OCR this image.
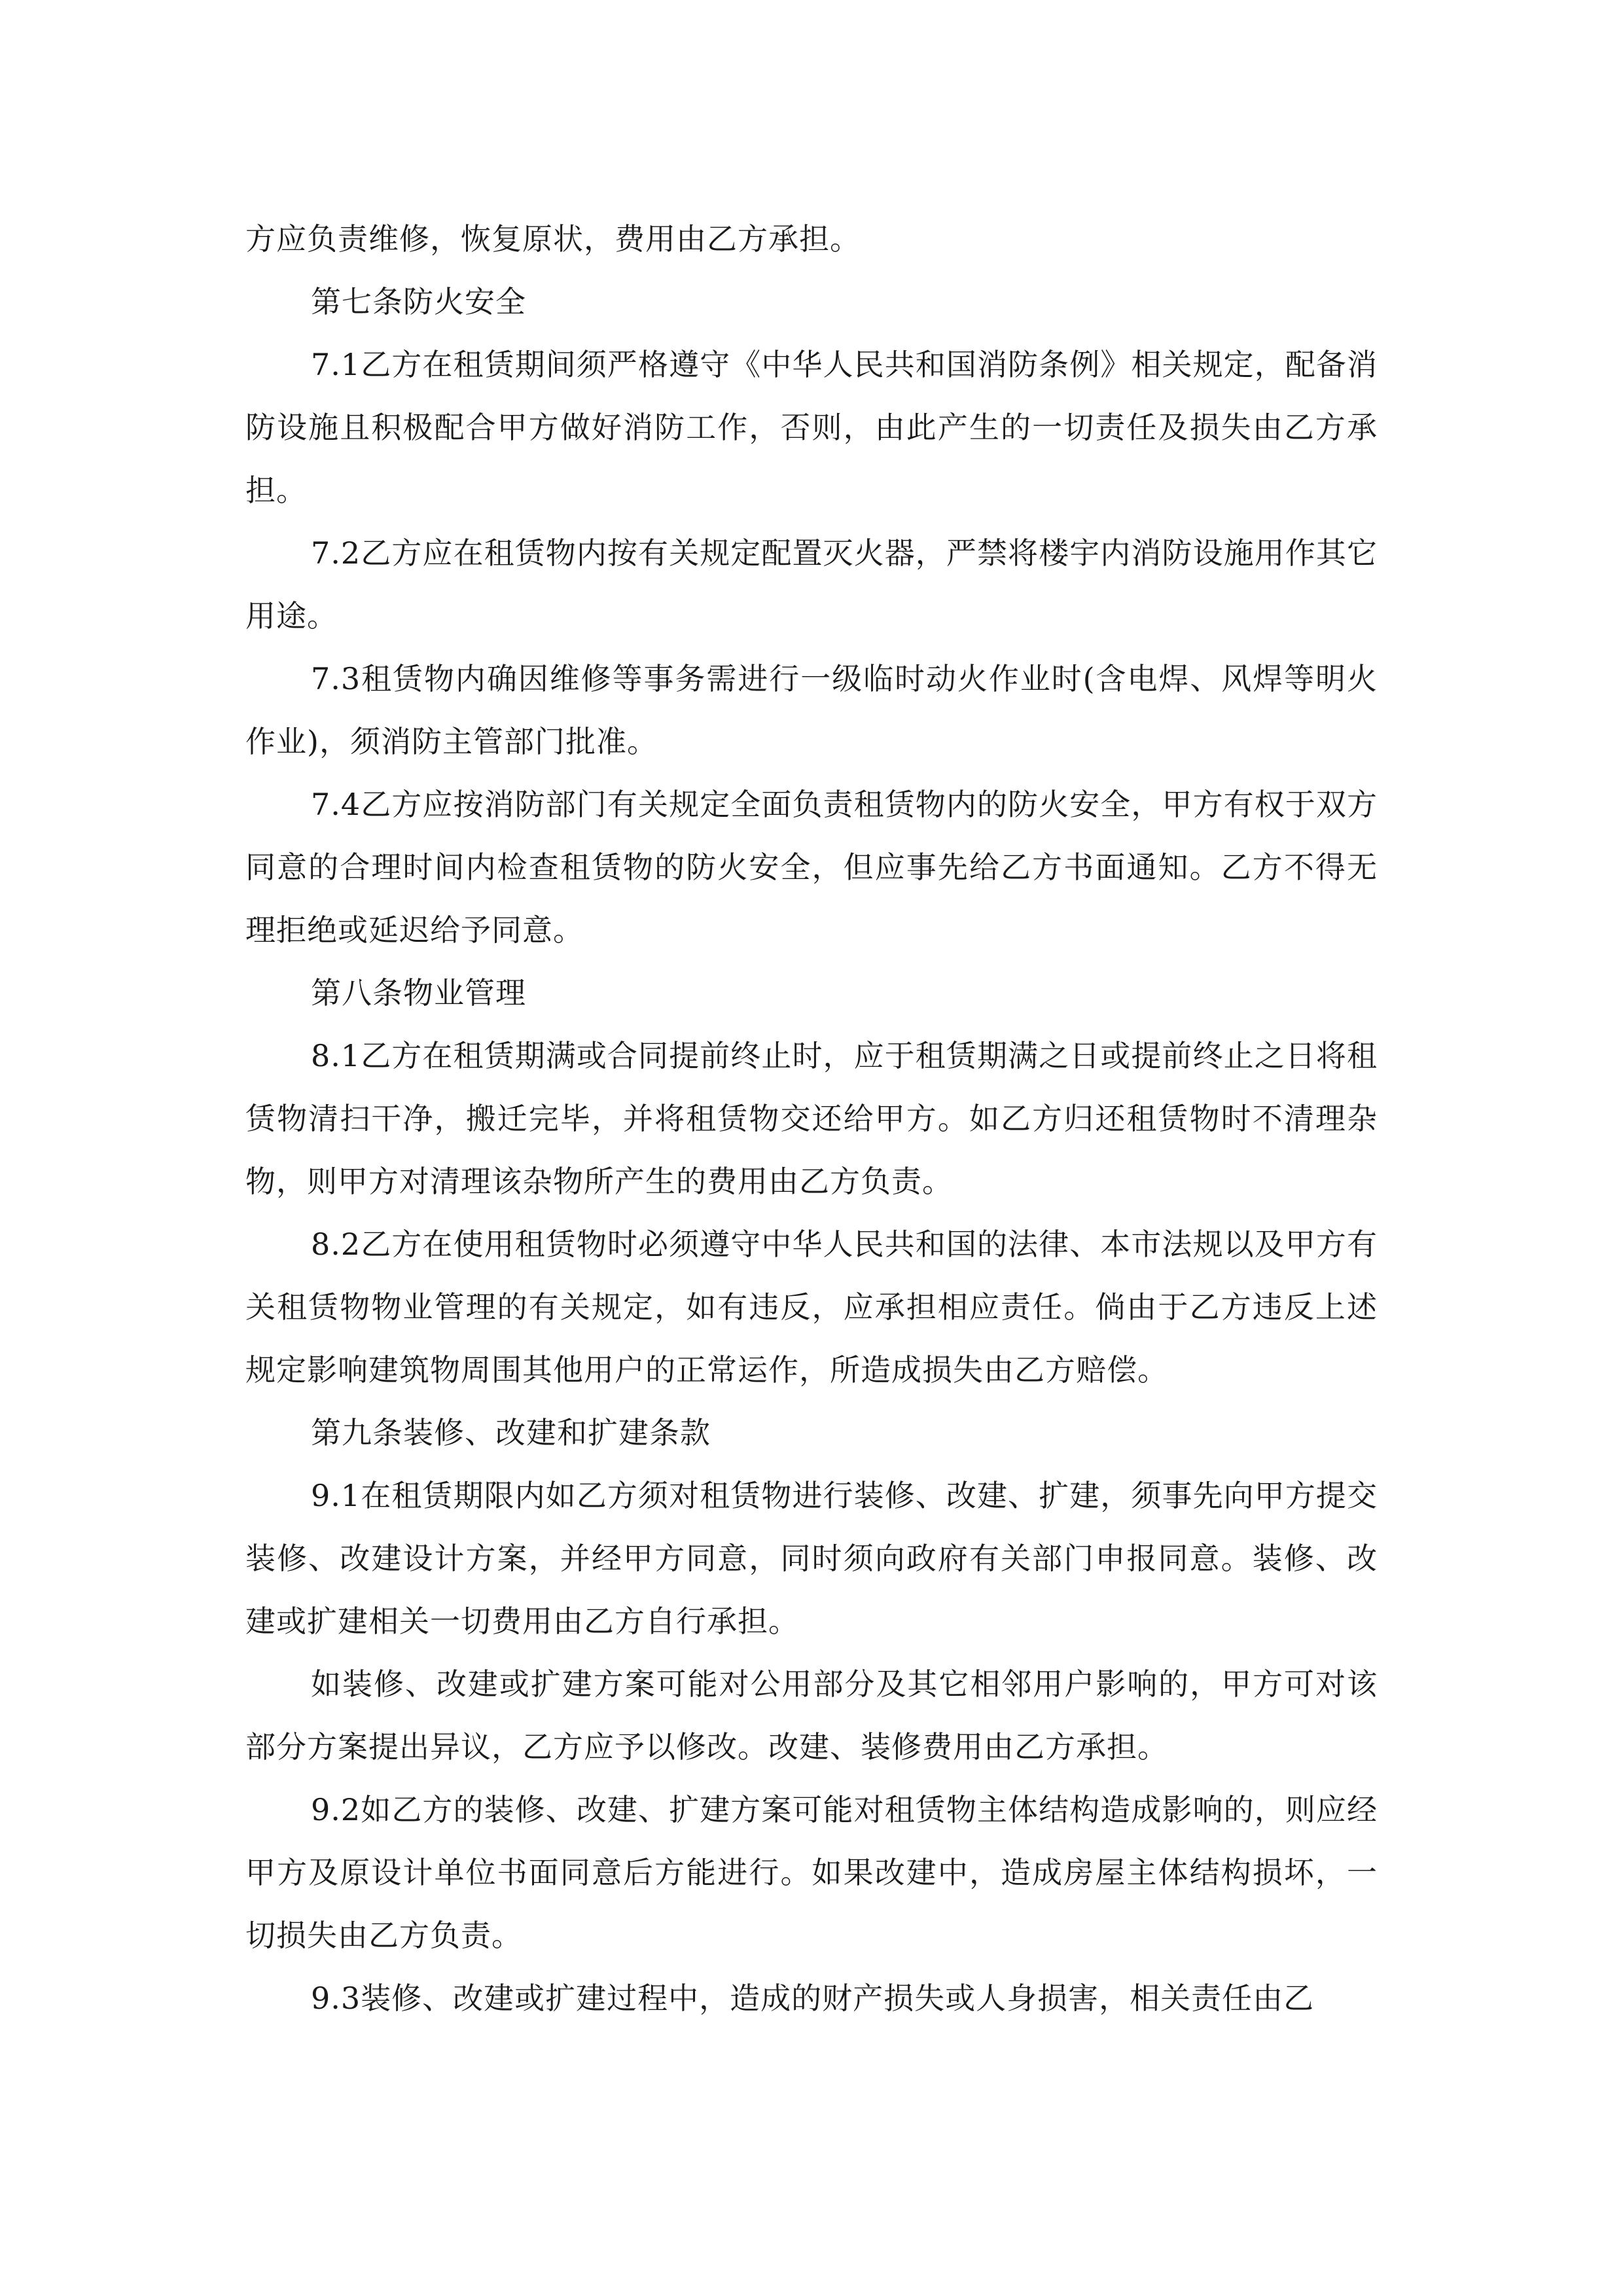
方应负责维修，恢复原状，费用由乙方承担。

第七条防火安全

7.1乙方在租赁期间须严格遵守《中华人民共和国消防条例》相关规定，配备消防设施且积极配合甲方做好消防工作，否则，由此产生的一切责任及损失由乙方承担。

7.2乙方应在租赁物内按有关规定配置灭火器，严禁将楼宇内消防设施用作其它用途。

7.3租赁物内确因维修等事务需进行一级临时动火作业时(含电焊、风焊等明火作业)，须消防主管部门批准。

7.4乙方应按消防部门有关规定全面负责租赁物内的防火安全，甲方有权于双方同意的合理时间内检查租赁物的防火安全，但应事先给乙方书面通知。乙方不得无理拒绝或延迟给予同意。

第八条物业管理

8.1乙方在租赁期满或合同提前终止时，应于租赁期满之日或提前终止之日将租赁物清扫干净，搬迁完毕，并将租赁物交还给甲方。如乙方归还租赁物时不清理杂物，则甲方对清理该杂物所产生的费用由乙方负责。

8.2乙方在使用租赁物时必须遵守中华人民共和国的法律、本市法规以及甲方有关租赁物物业管理的有关规定，如有违反，应承担相应责任。倘由于乙方违反上述规定影响建筑物周围其他用户的正常运作，所造成损失由乙方赔偿。

第九条装修、改建和扩建条款

9.1在租赁期限内如乙方须对租赁物进行装修、改建、扩建，须事先向甲方提交装修、改建设计方案，并经甲方同意，同时须向政府有关部门申报同意。装修、改建或扩建相关一切费用由乙方自行承担。

如装修、改建或扩建方案可能对公用部分及其它相邻用户影响的，甲方可对该部分方案提出异议，乙方应予以修改。改建、装修费用由乙方承担。

9.2如乙方的装修、改建、扩建方案可能对租赁物主体结构造成影响的，则应经甲方及原设计单位书面同意后方能进行。如果改建中，造成房屋主体结构损坏，一切损失由乙方负责。

9.3装修、改建或扩建过程中，造成的财产损失或人身损害，相关责任由乙
